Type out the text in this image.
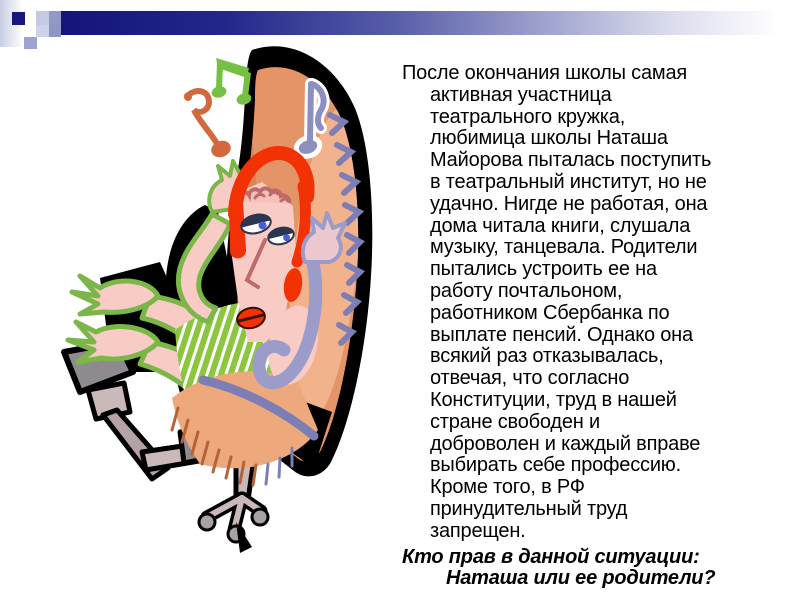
После окончания школы самая
активная участница
театрального кружка,
любимица школы Наташа
Майорова пыталась поступить
в театральный институт, но не
удачно. Нигде не работая, она
дома читала книги, слушала
музыку, танцевала. Родители
пытались устроить ее на
работу почтальоном,
работником Сбербанка по
выплате пенсий. Однако она
всякий раз отказывалась,
отвечая, что согласно
Конституции, труд в нашей
стране свободен и
доброволен и каждый вправе
выбирать себе профессию.
Кроме того, в РФ
принудительный труд
запрещен.
Кто прав в данной ситуации:
Наташа или ее родители?
